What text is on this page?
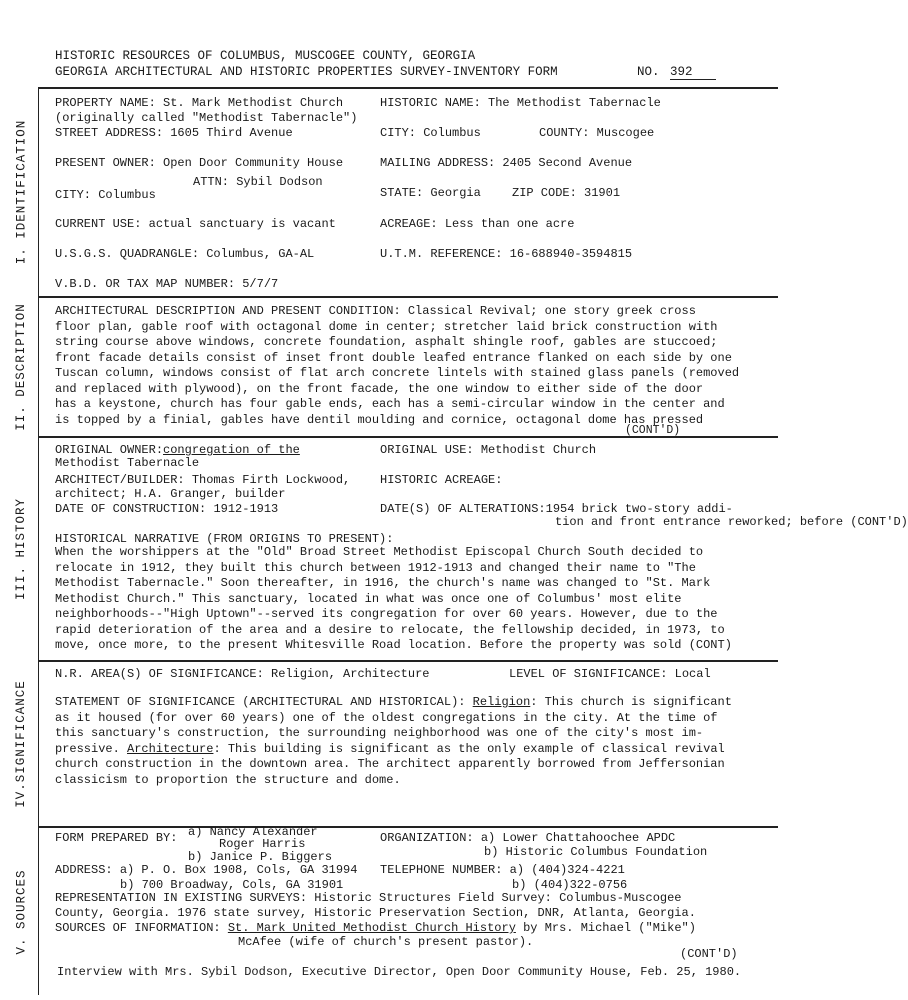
HISTORIC RESOURCES OF COLUMBUS, MUSCOGEE COUNTY, GEORGIA
GEORGIA ARCHITECTURAL AND HISTORIC PROPERTIES SURVEY-INVENTORY FORM	NO. 392
I. IDENTIFICATION
II. DESCRIPTION
III. HISTORY
IV.SIGNIFICANCE
V. SOURCES
PROPERTY NAME: St. Mark Methodist Church
(originally called "Methodist Tabernacle")
HISTORIC NAME: The Methodist Tabernacle
STREET ADDRESS: 1605 Third Avenue	CITY: Columbus	COUNTY: Muscogee
PRESENT OWNER: Open Door Community House
ATTN: Sybil Dodson
MAILING ADDRESS: 2405 Second Avenue
CITY: Columbus	STATE: Georgia	ZIP CODE: 31901
CURRENT USE: actual sanctuary is vacant	ACREAGE: Less than one acre
U.S.G.S. QUADRANGLE: Columbus, GA-AL	U.T.M. REFERENCE: 16-688940-3594815
V.B.D. OR TAX MAP NUMBER: 5/7/7
ARCHITECTURAL DESCRIPTION AND PRESENT CONDITION: Classical Revival; one story greek cross
floor plan, gable roof with octagonal dome in center; stretcher laid brick construction with
string course above windows, concrete foundation, asphalt shingle roof, gables are stuccoed;
front facade details consist of inset front double leafed entrance flanked on each side by one
Tuscan column, windows consist of flat arch concrete lintels with stained glass panels (removed
and replaced with plywood), on the front facade, the one window to either side of the door
has a keystone, church has four gable ends, each has a semi-circular window in the center and
is topped by a finial, gables have dentil moulding and cornice, octagonal dome has pressed
(CONT'D)
ORIGINAL OWNER:congregation of the
Methodist Tabernacle
ORIGINAL USE: Methodist Church
ARCHITECT/BUILDER: Thomas Firth Lockwood,
architect; H.A. Granger, builder
HISTORIC ACREAGE:
DATE OF CONSTRUCTION: 1912-1913	DATE(S) OF ALTERATIONS:1954 brick two-story addi-
tion and front entrance reworked; before (CONT'D)
HISTORICAL NARRATIVE (FROM ORIGINS TO PRESENT):
When the worshippers at the "Old" Broad Street Methodist Episcopal Church South decided to
relocate in 1912, they built this church between 1912-1913 and changed their name to "The
Methodist Tabernacle." Soon thereafter, in 1916, the church's name was changed to "St. Mark
Methodist Church." This sanctuary, located in what was once one of Columbus' most elite
neighborhoods--"High Uptown"--served its congregation for over 60 years. However, due to the
rapid deterioration of the area and a desire to relocate, the fellowship decided, in 1973, to
move, once more, to the present Whitesville Road location. Before the property was sold (CONT)
N.R. AREA(S) OF SIGNIFICANCE: Religion, Architecture	LEVEL OF SIGNIFICANCE: Local
STATEMENT OF SIGNIFICANCE (ARCHITECTURAL AND HISTORICAL): Religion: This church is significant
as it housed (for over 60 years) one of the oldest congregations in the city. At the time of
this sanctuary's construction, the surrounding neighborhood was one of the city's most im-
pressive. Architecture: This building is significant as the only example of classical revival
church construction in the downtown area. The architect apparently borrowed from Jeffersonian
classicism to proportion the structure and dome.
FORM PREPARED BY: a) Nancy Alexander
Roger Harris
b) Janice P. Biggers
ORGANIZATION: a) Lower Chattahoochee APDC
b) Historic Columbus Foundation
ADDRESS: a) P. O. Box 1908, Cols, GA 31994
b) 700 Broadway, Cols, GA 31901
TELEPHONE NUMBER: a) (404)324-4221
b) (404)322-0756
REPRESENTATION IN EXISTING SURVEYS: Historic Structures Field Survey: Columbus-Muscogee
County, Georgia. 1976 state survey, Historic Preservation Section, DNR, Atlanta, Georgia.
SOURCES OF INFORMATION: St. Mark United Methodist Church History by Mrs. Michael ("Mike")
McAfee (wife of church's present pastor).
(CONT'D)
Interview with Mrs. Sybil Dodson, Executive Director, Open Door Community House, Feb. 25, 1980.
